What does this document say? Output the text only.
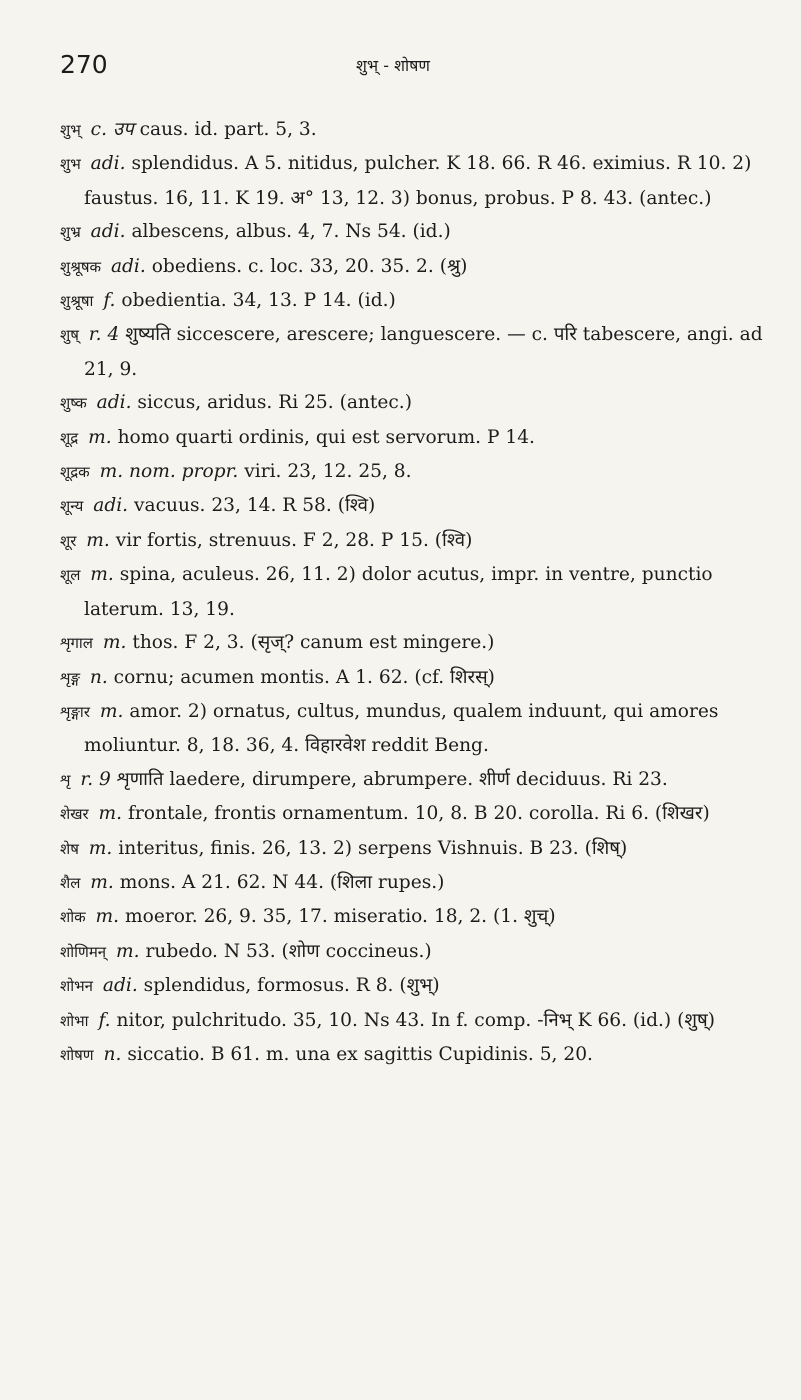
270	शुभ् - शोषण

शुभ् c. उप caus. id. part. 5, 3.

शुभ adi. splendidus. A 5. nitidus, pulcher. K 18. 66. R 46. eximius. R 10. 2) faustus. 16, 11. K 19. अ° 13, 12. 3) bonus, probus. P 8. 43. (antec.)

शुभ्र adi. albescens, albus. 4, 7. Ns 54. (id.)

शुश्रूषक adi. obediens. c. loc. 33, 20. 35. 2. (श्रु)

शुश्रूषा f. obedientia. 34, 13. P 14. (id.)

शुष् r. 4 शुष्यति siccescere, arescere; languescere. — c. परि tabescere, angi. ad 21, 9.

शुष्क adi. siccus, aridus. Ri 25. (antec.)

शूद्र m. homo quarti ordinis, qui est servorum. P 14.

शूद्रक m. nom. propr. viri. 23, 12. 25, 8.

शून्य adi. vacuus. 23, 14. R 58. (श्वि)

शूर m. vir fortis, strenuus. F 2, 28. P 15. (श्वि)

शूल m. spina, aculeus. 26, 11. 2) dolor acutus, impr. in ventre, punctio laterum. 13, 19.

शृगाल m. thos. F 2, 3. (सृज्? canum est mingere.)

शृङ्ग n. cornu; acumen montis. A 1. 62. (cf. शिरस्)

शृङ्गार m. amor. 2) ornatus, cultus, mundus, qualem induunt, qui amores moliuntur. 8, 18. 36, 4. विहारवेश reddit Beng.

शृ r. 9 शृणाति laedere, dirumpere, abrumpere. शीर्ण deciduus. Ri 23.

शेखर m. frontale, frontis ornamentum. 10, 8. B 20. corolla. Ri 6. (शिखर)

शेष m. interitus, finis. 26, 13. 2) serpens Vishnuis. B 23. (शिष्)

शैल m. mons. A 21. 62. N 44. (शिला rupes.)

शोक m. moeror. 26, 9. 35, 17. miseratio. 18, 2. (1. शुच्)

शोणिमन् m. rubedo. N 53. (शोण coccineus.)

शोभन adi. splendidus, formosus. R 8. (शुभ्)

शोभा f. nitor, pulchritudo. 35, 10. Ns 43. In f. comp. -निभ् K 66. (id.) (शुष्)

शोषण n. siccatio. B 61. m. una ex sagittis Cupidinis. 5, 20.
